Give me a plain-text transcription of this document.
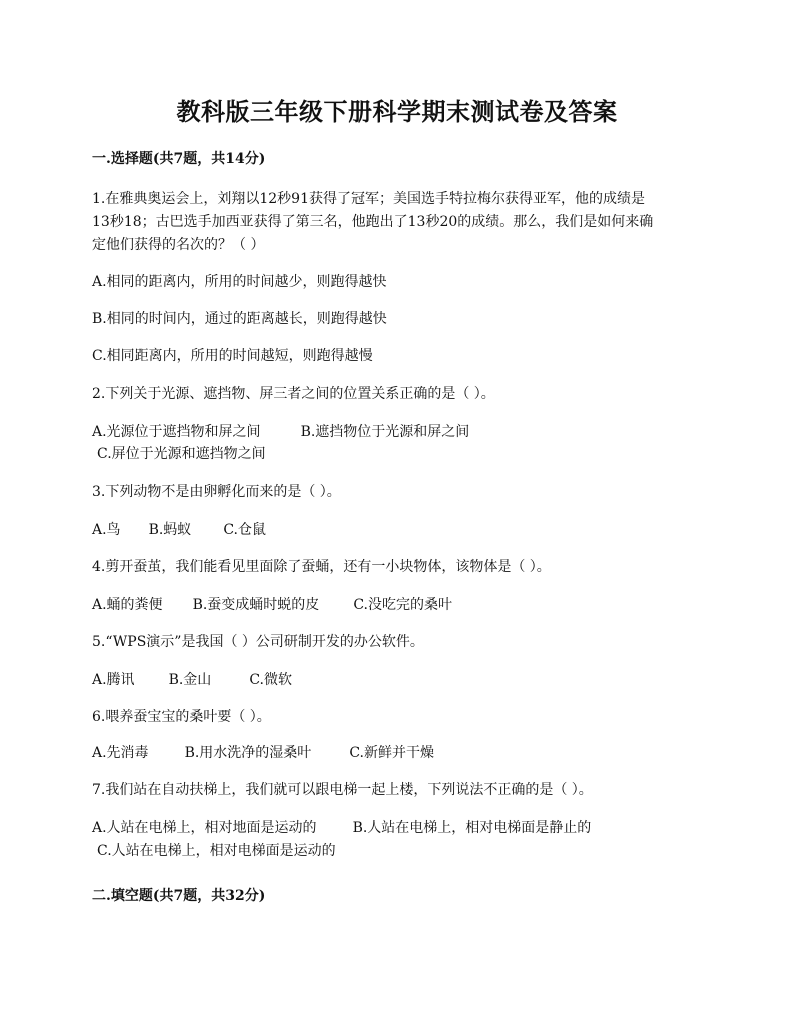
教科版三年级下册科学期末测试卷及答案
一.选择题(共7题，共14分)
1.在雅典奥运会上，刘翔以12秒91获得了冠军；美国选手特拉梅尔获得亚军，他的成绩是
13秒18；古巴选手加西亚获得了第三名，他跑出了13秒20的成绩。那么，我们是如何来确
定他们获得的名次的？（ ）
A.相同的距离内，所用的时间越少，则跑得越快
B.相同的时间内，通过的距离越长，则跑得越快
C.相同距离内，所用的时间越短，则跑得越慢
2.下列关于光源、遮挡物、屏三者之间的位置关系正确的是（ ）。
A.光源位于遮挡物和屏之间	B.遮挡物位于光源和屏之间
C.屏位于光源和遮挡物之间
3.下列动物不是由卵孵化而来的是（ ）。
A.鸟 B.蚂蚁 C.仓鼠
4.剪开蚕茧，我们能看见里面除了蚕蛹，还有一小块物体，该物体是（ ）。
A.蛹的粪便 B.蚕变成蛹时蜕的皮 C.没吃完的桑叶
5.“WPS演示”是我国（ ）公司研制开发的办公软件。
A.腾讯 B.金山	C.微软
6.喂养蚕宝宝的桑叶要（ ）。
A.先消毒	B.用水洗净的湿桑叶	C.新鲜并干燥
7.我们站在自动扶梯上，我们就可以跟电梯一起上楼，下列说法不正确的是（ ）。
A.人站在电梯上，相对地面是运动的	B.人站在电梯上，相对电梯面是静止的
C.人站在电梯上，相对电梯面是运动的
二.填空题(共7题，共32分)
